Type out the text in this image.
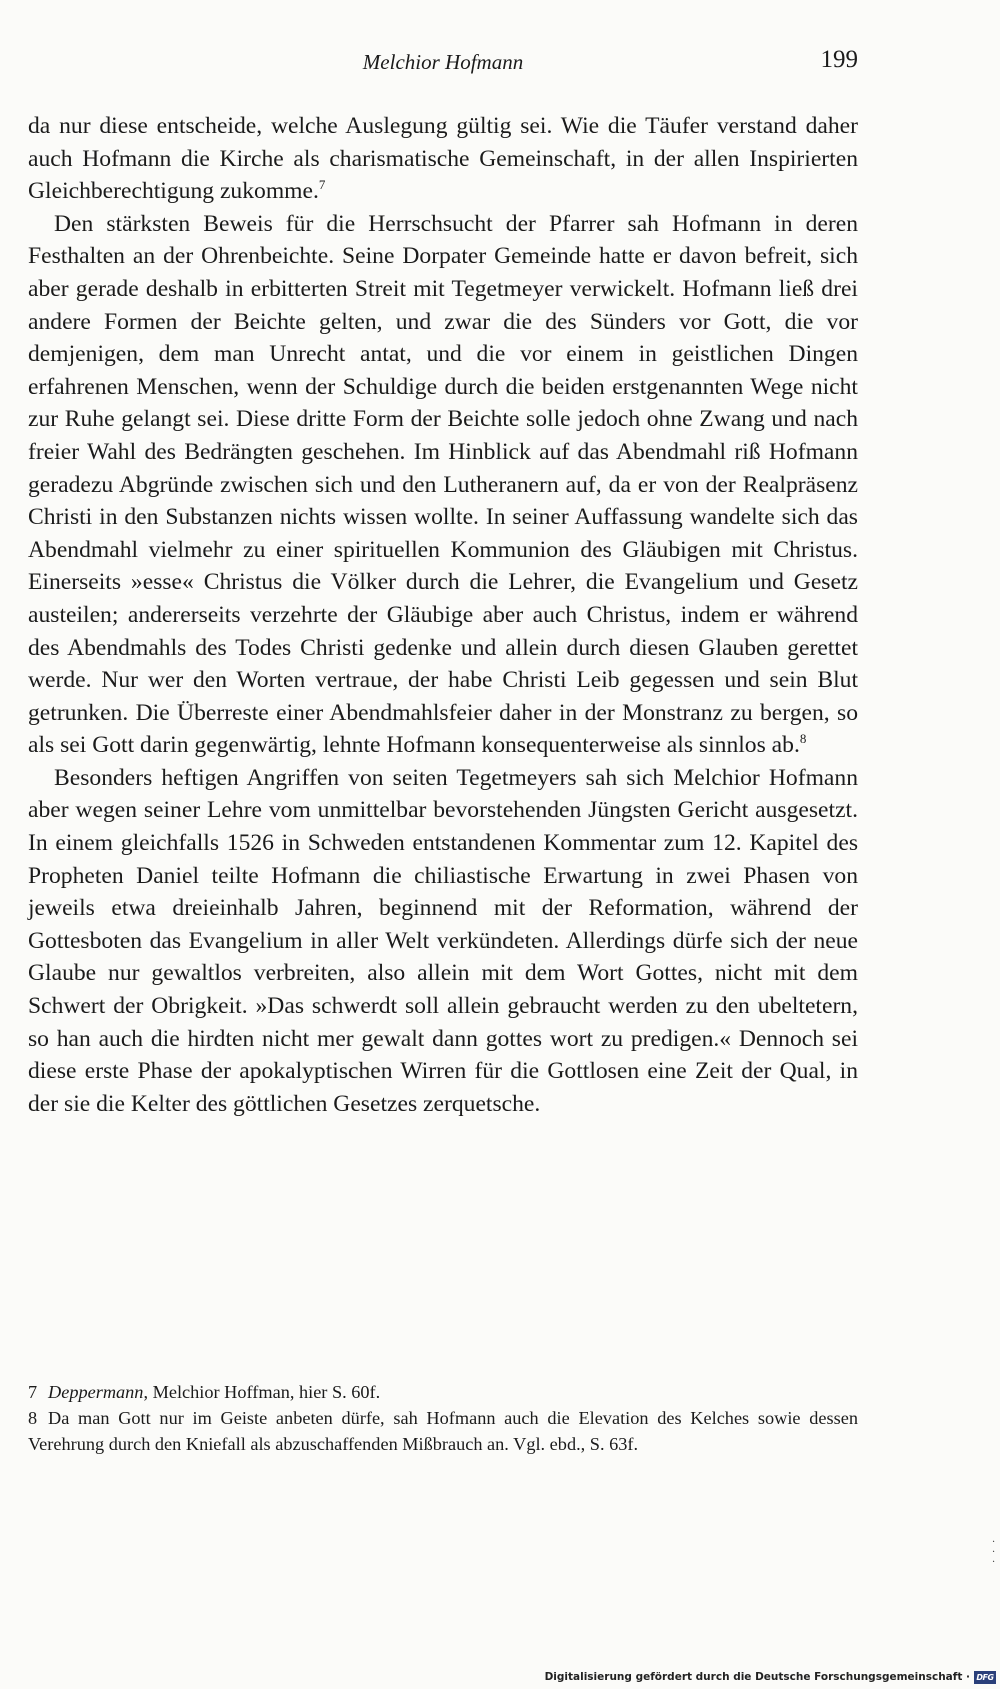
Melchior Hofmann	199

da nur diese entscheide, welche Auslegung gültig sei. Wie die Täufer verstand daher auch Hofmann die Kirche als charismatische Gemeinschaft, in der allen Inspirierten Gleichberechtigung zukomme.$^7$

Den stärksten Beweis für die Herrschsucht der Pfarrer sah Hofmann in deren Festhalten an der Ohrenbeichte. Seine Dorpater Gemeinde hatte er davon befreit, sich aber gerade deshalb in erbitterten Streit mit Tegetmeyer verwickelt. Hofmann ließ drei andere Formen der Beichte gelten, und zwar die des Sünders vor Gott, die vor demjenigen, dem man Unrecht antat, und die vor einem in geistlichen Dingen erfahrenen Menschen, wenn der Schuldige durch die beiden erstgenannten Wege nicht zur Ruhe gelangt sei. Diese dritte Form der Beichte solle jedoch ohne Zwang und nach freier Wahl des Bedrängten geschehen. Im Hinblick auf das Abendmahl riß Hofmann geradezu Abgründe zwischen sich und den Lutheranern auf, da er von der Realpräsenz Christi in den Substanzen nichts wissen wollte. In seiner Auffassung wandelte sich das Abendmahl vielmehr zu einer spirituellen Kommunion des Gläubigen mit Christus. Einerseits »esse« Christus die Völker durch die Lehrer, die Evangelium und Gesetz austeilen; andererseits verzehrte der Gläubige aber auch Christus, indem er während des Abendmahls des Todes Christi gedenke und allein durch diesen Glauben gerettet werde. Nur wer den Worten vertraue, der habe Christi Leib gegessen und sein Blut getrunken. Die Überreste einer Abendmahlsfeier daher in der Monstranz zu bergen, so als sei Gott darin gegenwärtig, lehnte Hofmann konsequenterweise als sinnlos ab.$^8$

Besonders heftigen Angriffen von seiten Tegetmeyers sah sich Melchior Hofmann aber wegen seiner Lehre vom unmittelbar bevorstehenden Jüngsten Gericht ausgesetzt. In einem gleichfalls 1526 in Schweden entstandenen Kommentar zum 12. Kapitel des Propheten Daniel teilte Hofmann die chiliastische Erwartung in zwei Phasen von jeweils etwa dreieinhalb Jahren, beginnend mit der Reformation, während der Gottesboten das Evangelium in aller Welt verkündeten. Allerdings dürfe sich der neue Glaube nur gewaltlos verbreiten, also allein mit dem Wort Gottes, nicht mit dem Schwert der Obrigkeit. »Das schwerdt soll allein gebraucht werden zu den ubeltetern, so han auch die hirdten nicht mer gewalt dann gottes wort zu predigen.« Dennoch sei diese erste Phase der apokalyptischen Wirren für die Gottlosen eine Zeit der Qual, in der sie die Kelter des göttlichen Gesetzes zerquetsche.

7 Deppermann, Melchior Hoffman, hier S. 60f.

8 Da man Gott nur im Geiste anbeten dürfe, sah Hofmann auch die Elevation des Kelches sowie dessen Verehrung durch den Kniefall als abzuschaffenden Mißbrauch an. Vgl. ebd., S. 63f.

·
·
·
Digitalisierung gefördert durch die Deutsche Forschungsgemeinschaft · DFG
